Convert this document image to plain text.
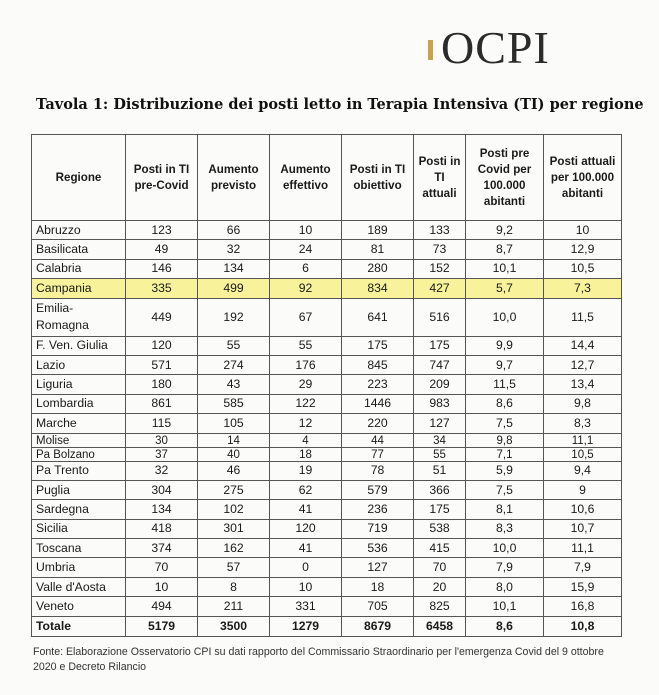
OCPI
Tavola 1: Distribuzione dei posti letto in Terapia Intensiva (TI) per regione
Regione	Posti in TI pre-Covid	Aumento previsto	Aumento effettivo	Posti in TI obiettivo	Posti in TI attuali	Posti pre Covid per 100.000 abitanti	Posti attuali per 100.000 abitanti
Abruzzo	123	66	10	189	133	9,2	10
Basilicata	49	32	24	81	73	8,7	12,9
Calabria	146	134	6	280	152	10,1	10,5
Campania	335	499	92	834	427	5,7	7,3
Emilia-Romagna	449	192	67	641	516	10,0	11,5
F. Ven. Giulia	120	55	55	175	175	9,9	14,4
Lazio	571	274	176	845	747	9,7	12,7
Liguria	180	43	29	223	209	11,5	13,4
Lombardia	861	585	122	1446	983	8,6	9,8
Marche	115	105	12	220	127	7,5	8,3
Molise	30	14	4	44	34	9,8	11,1
Pa Bolzano	37	40	18	77	55	7,1	10,5
Pa Trento	32	46	19	78	51	5,9	9,4
Puglia	304	275	62	579	366	7,5	9
Sardegna	134	102	41	236	175	8,1	10,6
Sicilia	418	301	120	719	538	8,3	10,7
Toscana	374	162	41	536	415	10,0	11,1
Umbria	70	57	0	127	70	7,9	7,9
Valle d'Aosta	10	8	10	18	20	8,0	15,9
Veneto	494	211	331	705	825	10,1	16,8
Totale	5179	3500	1279	8679	6458	8,6	10,8
Fonte: Elaborazione Osservatorio CPI su dati rapporto del Commissario Straordinario per l'emergenza Covid del 9 ottobre 2020 e Decreto Rilancio
